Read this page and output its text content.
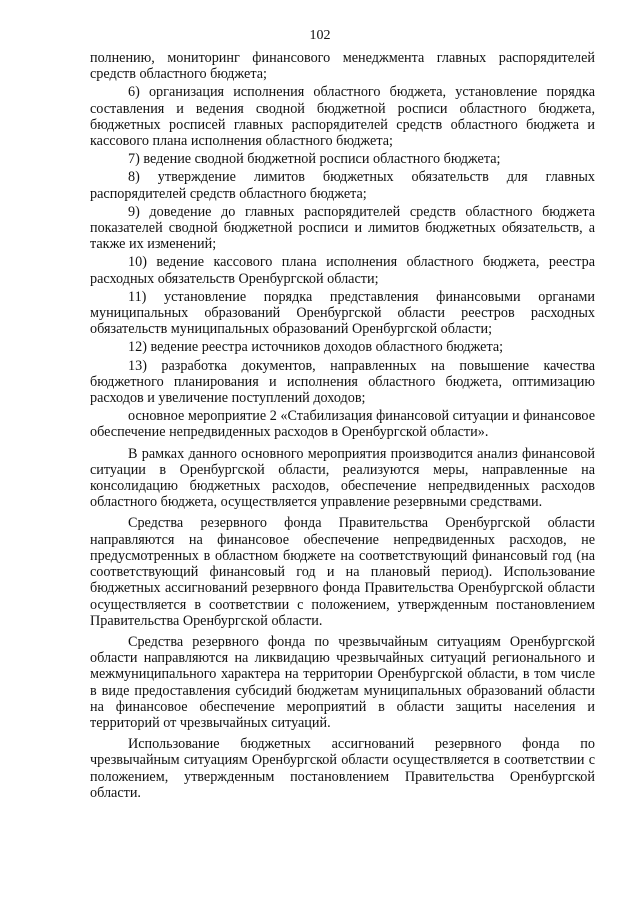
102

полнению, мониторинг финансового менеджмента главных распорядителей средств областного бюджета;

6) организация исполнения областного бюджета, установление порядка составления и ведения сводной бюджетной росписи областного бюджета, бюджетных росписей главных распорядителей средств областного бюджета и кассового плана исполнения областного бюджета;

7) ведение сводной бюджетной росписи областного бюджета;

8) утверждение лимитов бюджетных обязательств для главных распорядителей средств областного бюджета;

9) доведение до главных распорядителей средств областного бюджета показателей сводной бюджетной росписи и лимитов бюджетных обязательств, а также их изменений;

10) ведение кассового плана исполнения областного бюджета, реестра расходных обязательств Оренбургской области;

11) установление порядка представления финансовыми органами муниципальных образований Оренбургской области реестров расходных обязательств муниципальных образований Оренбургской области;

12) ведение реестра источников доходов областного бюджета;

13) разработка документов, направленных на повышение качества бюджетного планирования и исполнения областного бюджета, оптимизацию расходов и увеличение поступлений доходов;

основное мероприятие 2 «Стабилизация финансовой ситуации и финансовое обеспечение непредвиденных расходов в Оренбургской области».

В рамках данного основного мероприятия производится анализ финансовой ситуации в Оренбургской области, реализуются меры, направленные на консолидацию бюджетных расходов, обеспечение непредвиденных расходов областного бюджета, осуществляется управление резервными средствами.

Средства резервного фонда Правительства Оренбургской области направляются на финансовое обеспечение непредвиденных расходов, не предусмотренных в областном бюджете на соответствующий финансовый год (на соответствующий финансовый год и на плановый период). Использование бюджетных ассигнований резервного фонда Правительства Оренбургской области осуществляется в соответствии с положением, утвержденным постановлением Правительства Оренбургской области.

Средства резервного фонда по чрезвычайным ситуациям Оренбургской области направляются на ликвидацию чрезвычайных ситуаций регионального и межмуниципального характера на территории Оренбургской области, в том числе в виде предоставления субсидий бюджетам муниципальных образований области на финансовое обеспечение мероприятий в области защиты населения и территорий от чрезвычайных ситуаций.

Использование бюджетных ассигнований резервного фонда по чрезвычайным ситуациям Оренбургской области осуществляется в соответствии с положением, утвержденным постановлением Правительства Оренбургской области.
